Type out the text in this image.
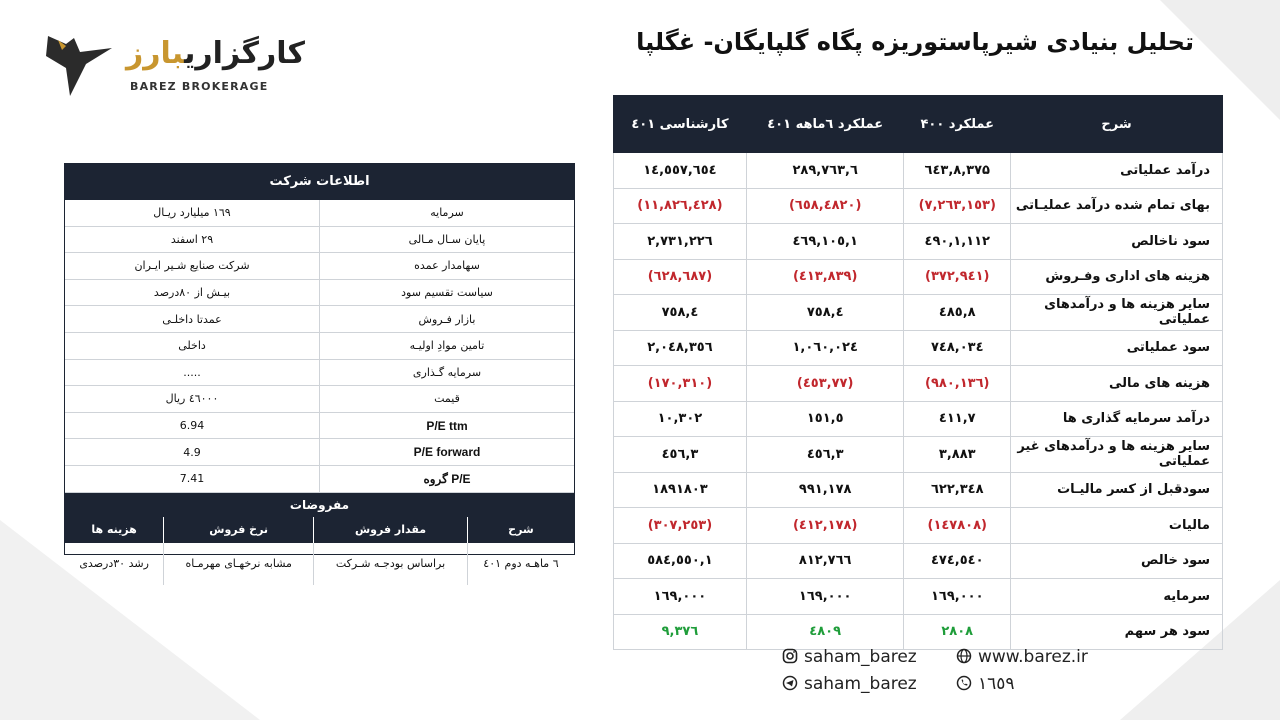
کارگزاریبارز
BAREZ BROKERAGE
تحلیل بنیادی شیرپاستوریزه پگاه گلپایگان- غگلپا
شرح	عملکرد ۴۰۰	عملکرد ٦ماهه ٤٠١	کارشناسی ٤٠١
درآمد عملیاتی	۸,۳۷۵,٦٤۳	٦,۲۸۹,۷٦۳	١٤,٥٥٧,٦٥٤
بهای تمام شده درآمد عملیـاتی	(۷,۲٦۳,۱٥۳)	(٤۸۲۰,٦٥۸)	(۱۱,۸۲٦,٤۲۸)
سود ناخالص	۱,۱۱۲,٤۹۰	۱,٤٦۹,۱۰٥	۲,۷۳۱,۲۲٦
هزینه های اداری وفـروش	(۳۷۲,۹٤۱)	(٤۱۳,۸۳۹)	(٦۸۷,٦۲۸)
سایر هزینه ها و درآمدهای عملیاتی	۸,٤۸٥	٤,۷٥۸	٤,۷٥۸
سود عملیاتی	۷٤۸,۰۳٤	۱,۰٦۰,۰۲٤	۲,۰٤۸,۳٥٦
هزینه های مالی	(۱۳٦,۹۸۰)	(۷۷,٤٥۳)	(۱۷۰,۳۱۰)
درآمد سرمایه گذاری ها	۷,٤۱۱	٥,۱٥۱	۱۰,۳۰۲
سایر هزینه ها و درآمدهای غیر عملیاتی	۳,۸۸۳	۳,٤٥٦	۳,٤٥٦
سودقبل از کسر مالیـات	٦۲۲,۳٤۸	۹۹۱,۱۷۸	۱۸۹۱۸۰۳
مالیات	(۱٤۷۸۰۸)	(۱۷۸,٤۱۲)	(۳۰۷,۲٥۳)
سود خالص	٤۷٤,٥٤۰	۸۱۲,۷٦٦	۱,٥۸٤,٥٥۰
سرمایه	۱٦۹,۰۰۰	۱٦۹,۰۰۰	۱٦۹,۰۰۰
سود هر سهم	۲۸۰۸	٤۸۰۹	۹,۳۷٦
اطلاعات شرکت
سرمایه	۱٦۹ میلیارد ریـال
پایان سـال مـالی	۲۹ اسفند
سهامدار عمده	شرکت صنایع شـیر ایـران
سیاست تقسیم سود	بیـش از ۸۰درصد
بازار فـروش	عمدتا داخلـی
تامین موادِ اولیـه	داخلی
سرمایه گـذاری	.....
قیمت	٤٦۰۰۰ ریال
P/E ttm	6.94
P/E forward	4.9
P/E گروه	7.41
مفروضات
شرح	مقدار فروش	نرخ فروش	هزینه ها
٦ ماهـه دوم ٤٠١	براساس بودجـه شـرکت	مشابه نرخهـای مهرمـاه	رشد ۳۰درصدی
saham_barez	www.barez.ir
saham_barez	۱٦٥۹
